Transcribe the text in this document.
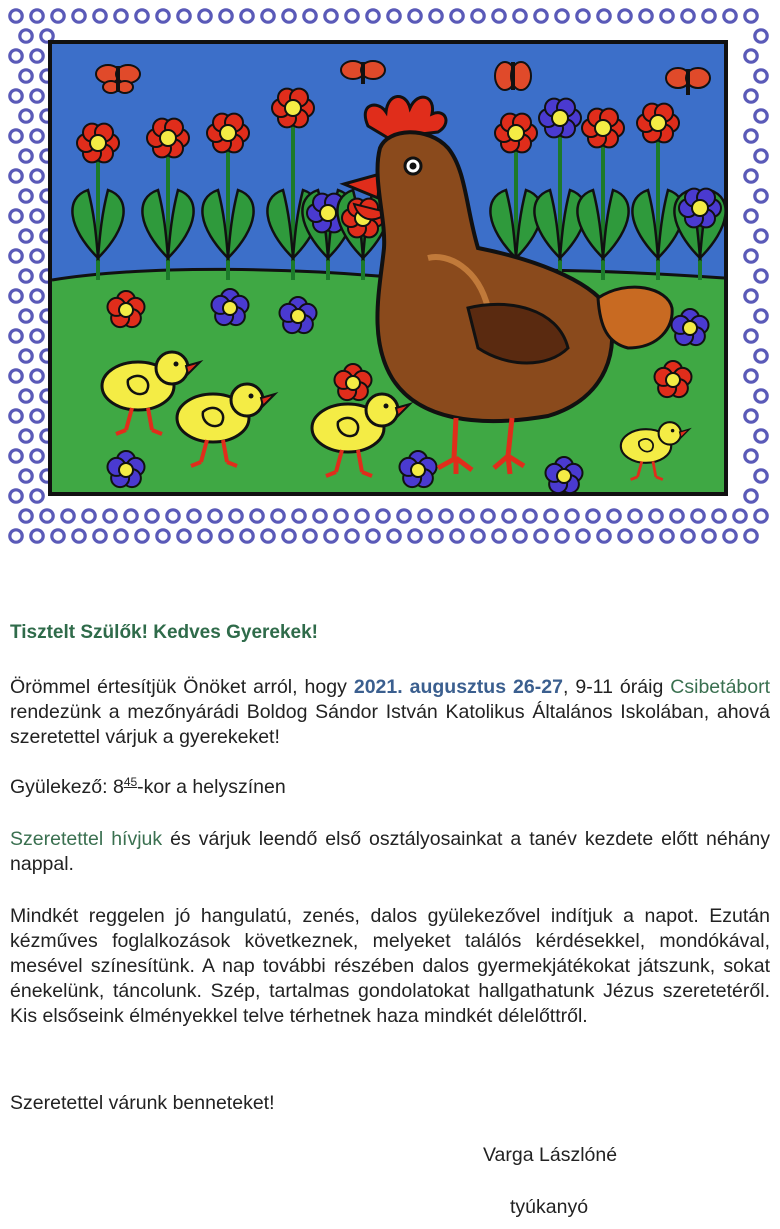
Tisztelt Szülők! Kedves Gyerekek!
Örömmel értesítjük Önöket arról, hogy 2021. augusztus 26-27, 9-11 óráig Csibetábort rendezünk a mezőnyárádi Boldog Sándor István Katolikus Általános Iskolában, ahová szeretettel várjuk a gyerekeket!
Gyülekező: $8^{45}$-kor a helyszínen
Szeretettel hívjuk és várjuk leendő első osztályosainkat a tanév kezdete előtt néhány nappal.
Mindkét reggelen jó hangulatú, zenés, dalos gyülekezővel indítjuk a napot. Ezután kézműves foglalkozások következnek, melyeket találós kérdésekkel, mondókával, mesével színesítünk. A nap további részében dalos gyermekjátékokat játszunk, sokat énekelünk, táncolunk. Szép, tartalmas gondolatokat hallgathatunk Jézus szeretetéről. Kis elsőseink élményekkel telve térhetnek haza mindkét délelőttről.
Szeretettel várunk benneteket!
Varga Lászlóné
tyúkanyó
